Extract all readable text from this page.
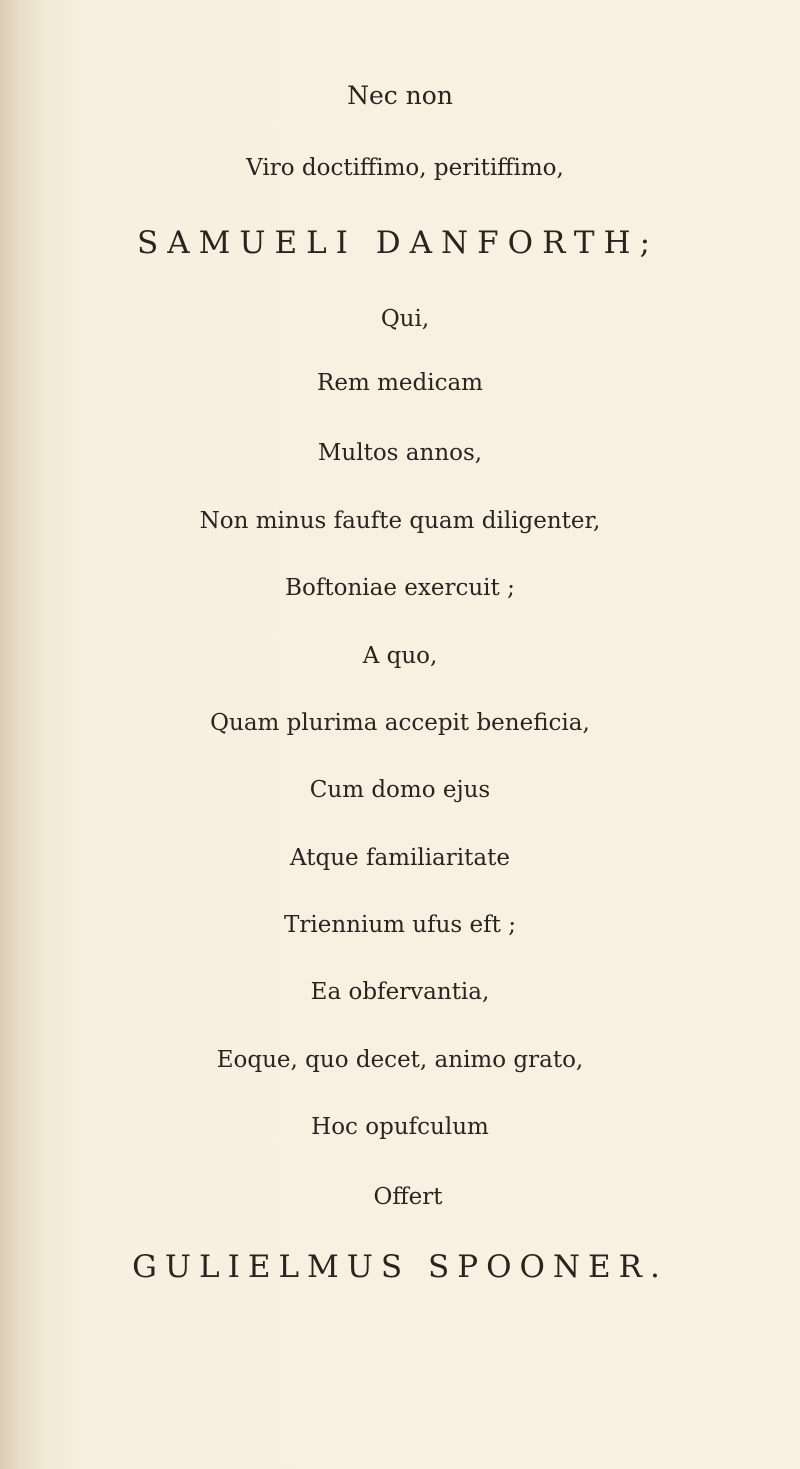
Nec non
Viro doctiffimo, peritiffimo,
SAMUELI DANFORTH;
Qui,
Rem medicam
Multos annos,
Non minus faufte quam diligenter,
Boftoniae exercuit ;
A quo,
Quam plurima accepit beneficia,
Cum domo ejus
Atque familiaritate
Triennium ufus eft ;
Ea obfervantia,
Eoque, quo decet, animo grato,
Hoc opufculum
Offert
GULIELMUS SPOONER.
